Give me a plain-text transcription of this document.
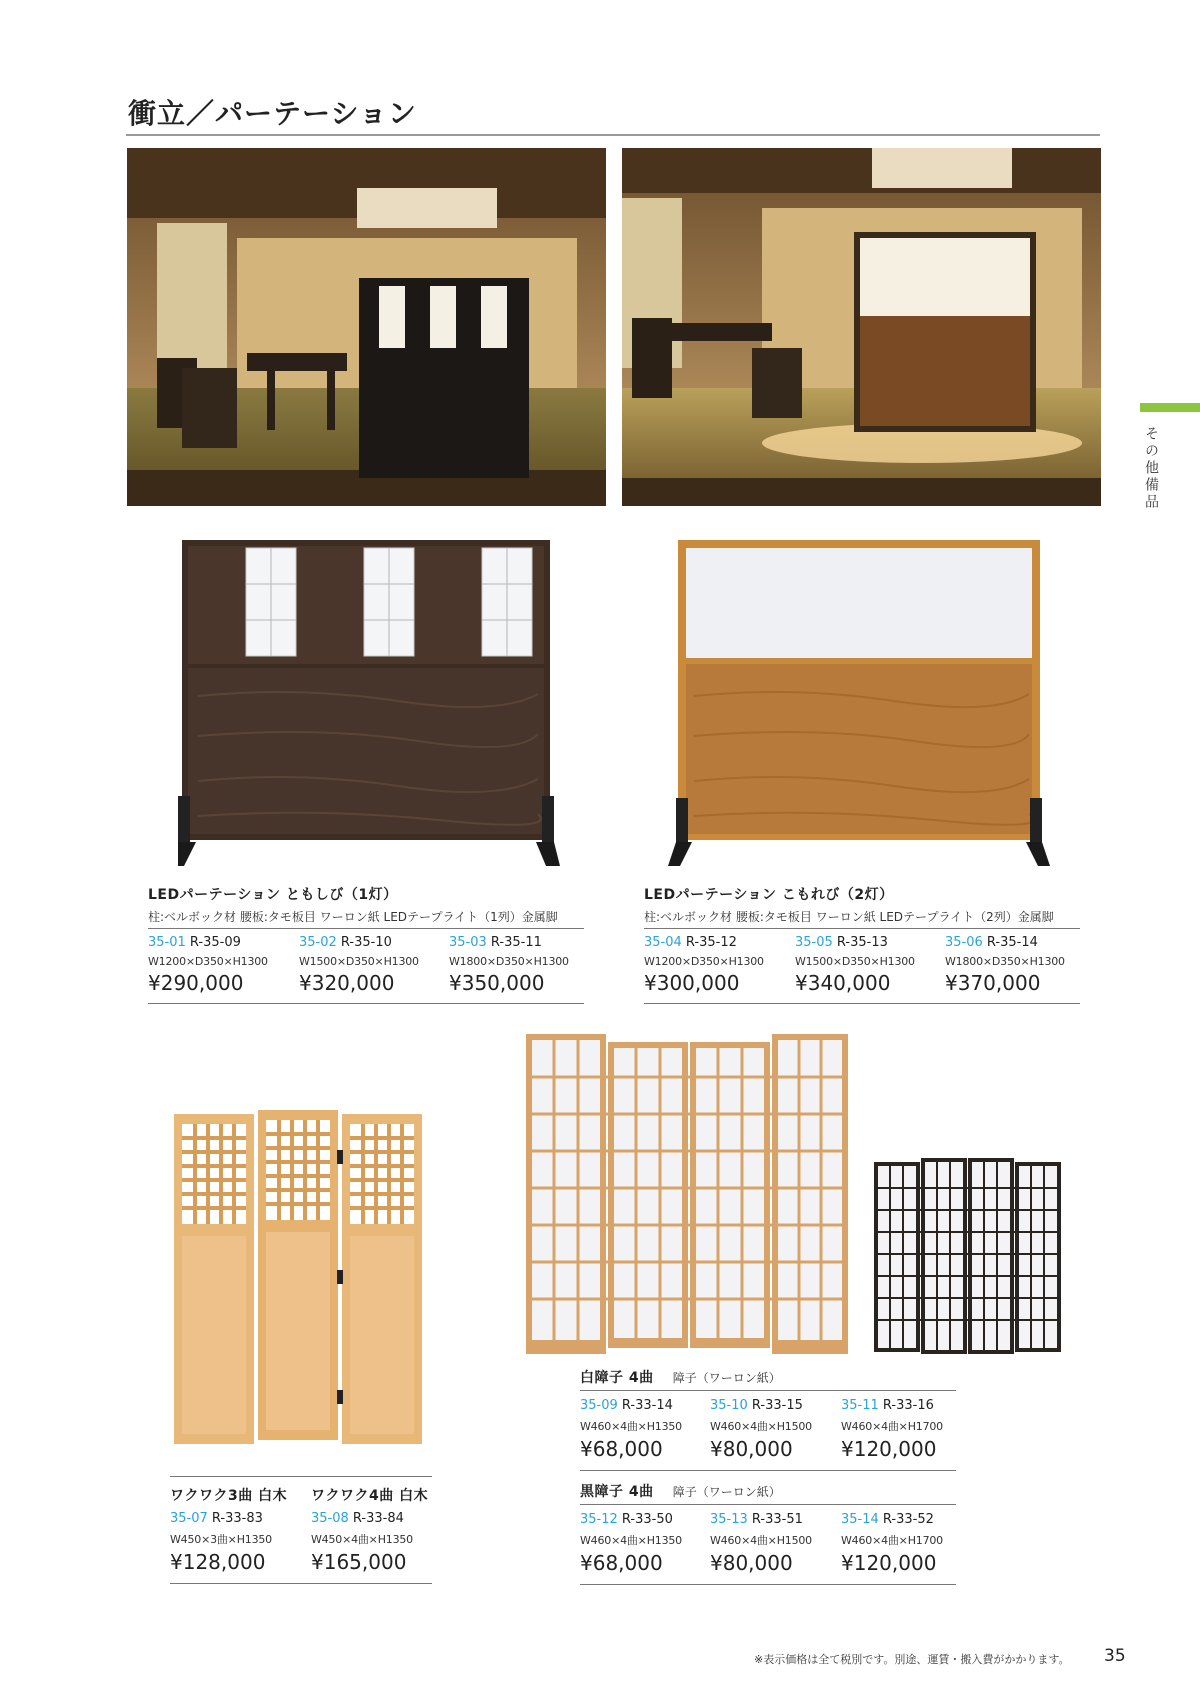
衝立／パーテーション
その他備品
LEDパーテーション ともしび（1灯）
柱:ベルボック材 腰板:タモ板目 ワーロン紙 LEDテープライト（1列）金属脚
35-01 R-35-09
W1200×D350×H1300
¥290,000
35-02 R-35-10
W1500×D350×H1300
¥320,000
35-03 R-35-11
W1800×D350×H1300
¥350,000
LEDパーテーション こもれび（2灯）
柱:ベルボック材 腰板:タモ板目 ワーロン紙 LEDテープライト（2列）金属脚
35-04 R-35-12
W1200×D350×H1300
¥300,000
35-05 R-35-13
W1500×D350×H1300
¥340,000
35-06 R-35-14
W1800×D350×H1300
¥370,000
ワクワク3曲 白木
35-07 R-33-83
W450×3曲×H1350
¥128,000
ワクワク4曲 白木
35-08 R-33-84
W450×4曲×H1350
¥165,000
白障子 4曲 障子（ワーロン紙）
35-09 R-33-14
W460×4曲×H1350
¥68,000
35-10 R-33-15
W460×4曲×H1500
¥80,000
35-11 R-33-16
W460×4曲×H1700
¥120,000
黒障子 4曲 障子（ワーロン紙）
35-12 R-33-50
W460×4曲×H1350
¥68,000
35-13 R-33-51
W460×4曲×H1500
¥80,000
35-14 R-33-52
W460×4曲×H1700
¥120,000
※表示価格は全て税別です。別途、運賃・搬入費がかかります。 35
